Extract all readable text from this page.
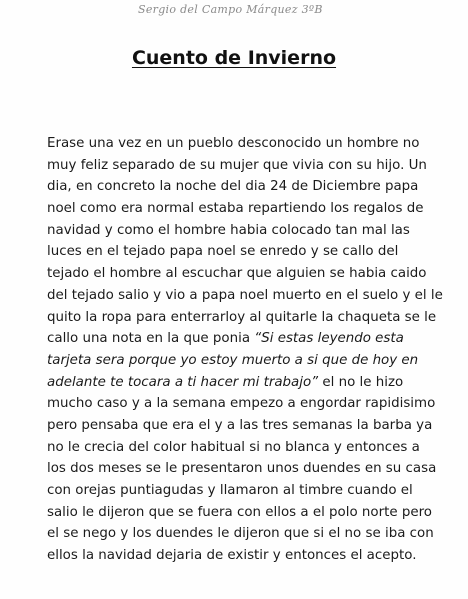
Sergio del Campo Márquez 3ºB
Cuento de Invierno
Erase una vez en un pueblo desconocido un hombre no
muy feliz separado de su mujer que vivia con su hijo. Un
dia, en concreto la noche del dia 24 de Diciembre papa
noel como era normal estaba repartiendo los regalos de
navidad y como el hombre habia colocado tan mal las
luces en el tejado papa noel se enredo y se callo del
tejado el hombre al escuchar que alguien se habia caido
del tejado salio y vio a papa noel muerto en el suelo y el le
quito la ropa para enterrarloy al quitarle la chaqueta se le
callo una nota en la que ponia “Si estas leyendo esta
tarjeta sera porque yo estoy muerto a si que de hoy en
adelante te tocara a ti hacer mi trabajo” el no le hizo
mucho caso y a la semana empezo a engordar rapidisimo
pero pensaba que era el y a las tres semanas la barba ya
no le crecia del color habitual si no blanca y entonces a
los dos meses se le presentaron unos duendes en su casa
con orejas puntiagudas y llamaron al timbre cuando el
salio le dijeron que se fuera con ellos a el polo norte pero
el se nego y los duendes le dijeron que si el no se iba con
ellos la navidad dejaria de existir y entonces el acepto.
